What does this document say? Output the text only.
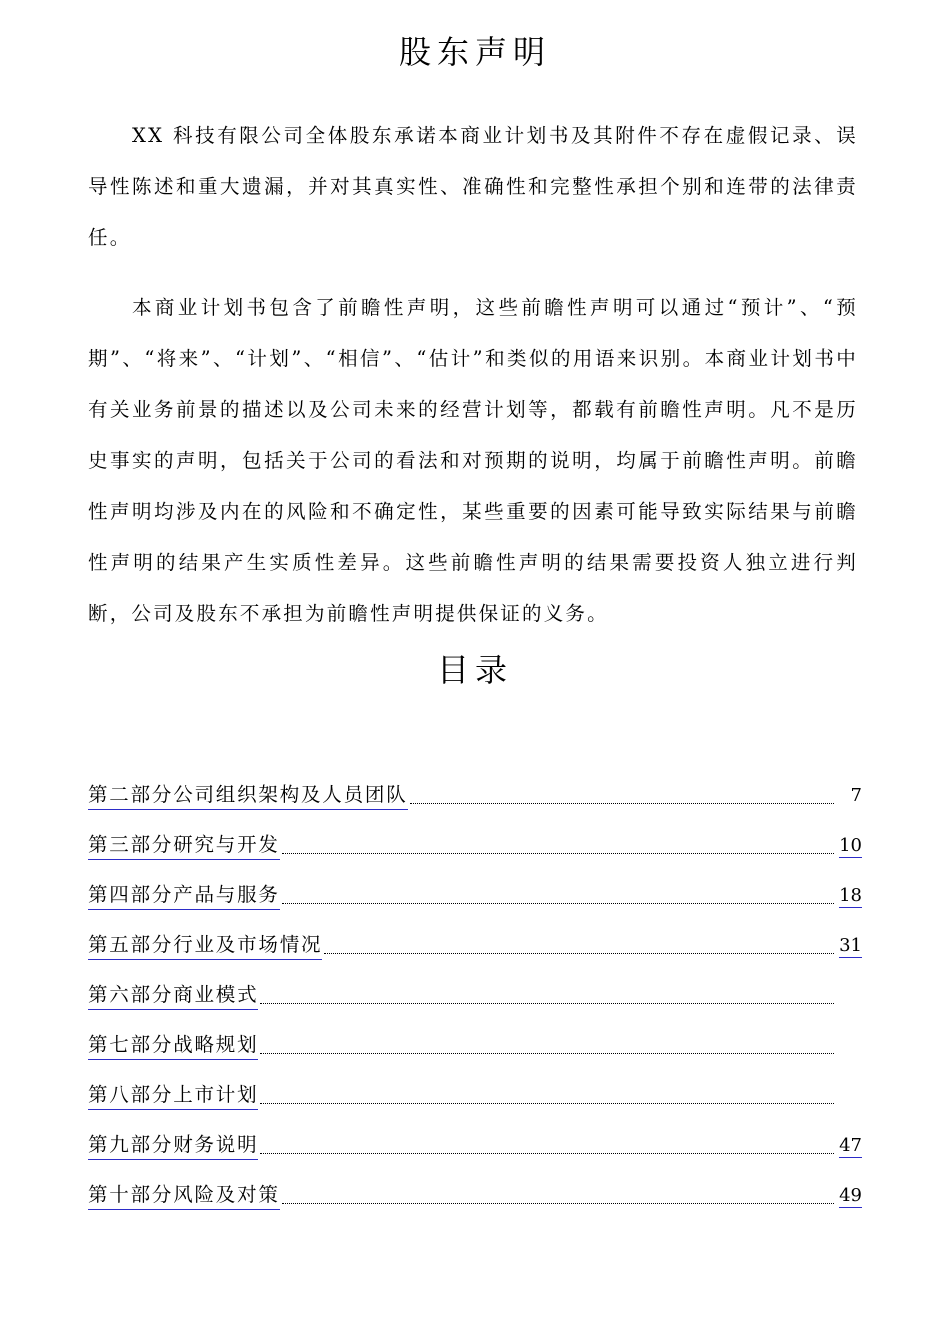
股东声明

XX 科技有限公司全体股东承诺本商业计划书及其附件不存在虚假记录、误导性陈述和重大遗漏，并对其真实性、准确性和完整性承担个别和连带的法律责任。

本商业计划书包含了前瞻性声明，这些前瞻性声明可以通过“预计”、“预期”、“将来”、“计划”、“相信”、“估计”和类似的用语来识别。本商业计划书中有关业务前景的描述以及公司未来的经营计划等，都载有前瞻性声明。凡不是历史事实的声明，包括关于公司的看法和对预期的说明，均属于前瞻性声明。前瞻性声明均涉及内在的风险和不确定性，某些重要的因素可能导致实际结果与前瞻性声明的结果产生实质性差异。这些前瞻性声明的结果需要投资人独立进行判断，公司及股东不承担为前瞻性声明提供保证的义务。

目录
第二部分公司组织架构及人员团队	7
第三部分研究与开发	10
第四部分产品与服务	18
第五部分行业及市场情况	31
第六部分商业模式
第七部分战略规划
第八部分上市计划
第九部分财务说明	47
第十部分风险及对策	49
